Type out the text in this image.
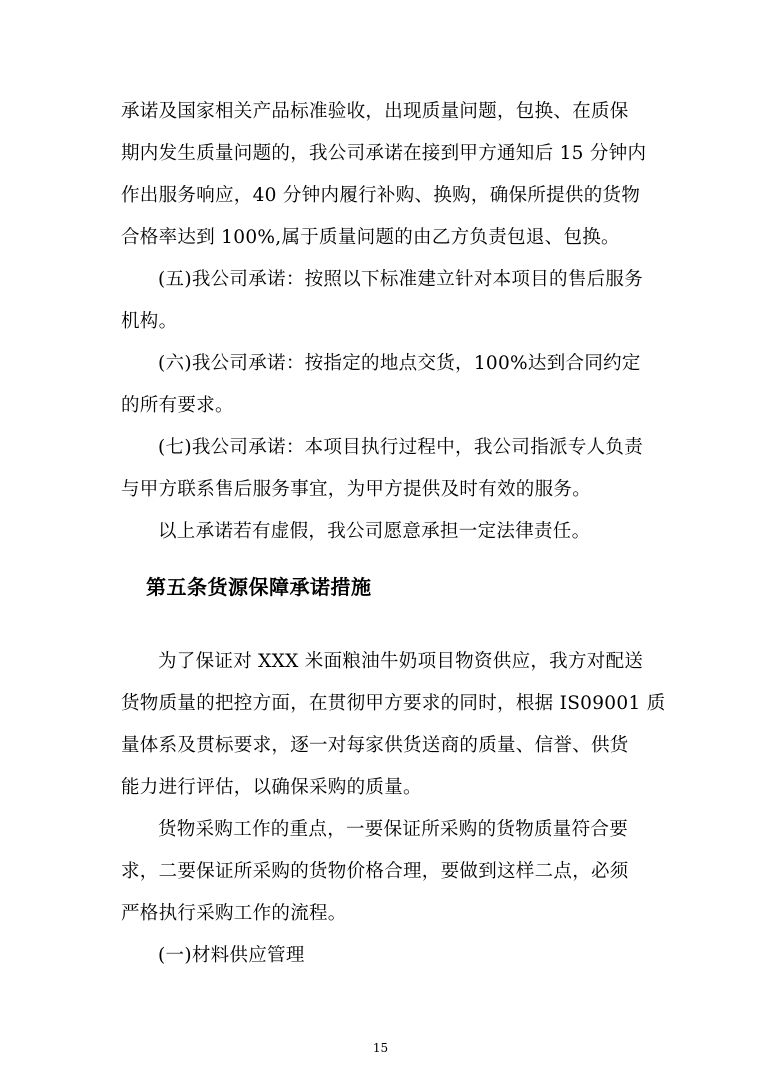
承诺及国家相关产品标准验收，出现质量问题，包换、在质保
期内发生质量问题的，我公司承诺在接到甲方通知后 15 分钟内
作出服务响应，40 分钟内履行补购、换购，确保所提供的货物
合格率达到 100%,属于质量问题的由乙方负责包退、包换。
(五)我公司承诺：按照以下标准建立针对本项目的售后服务
机构。
(六)我公司承诺：按指定的地点交货，100%达到合同约定
的所有要求。
(七)我公司承诺：本项目执行过程中，我公司指派专人负责
与甲方联系售后服务事宜，为甲方提供及时有效的服务。
以上承诺若有虚假，我公司愿意承担一定法律责任。
第五条货源保障承诺措施
为了保证对 XXX 米面粮油牛奶项目物资供应，我方对配送
货物质量的把控方面，在贯彻甲方要求的同时，根据 IS09001 质
量体系及贯标要求，逐一对每家供货送商的质量、信誉、供货
能力进行评估，以确保采购的质量。
货物采购工作的重点，一要保证所采购的货物质量符合要
求，二要保证所采购的货物价格合理，要做到这样二点，必须
严格执行采购工作的流程。
(一)材料供应管理
15
